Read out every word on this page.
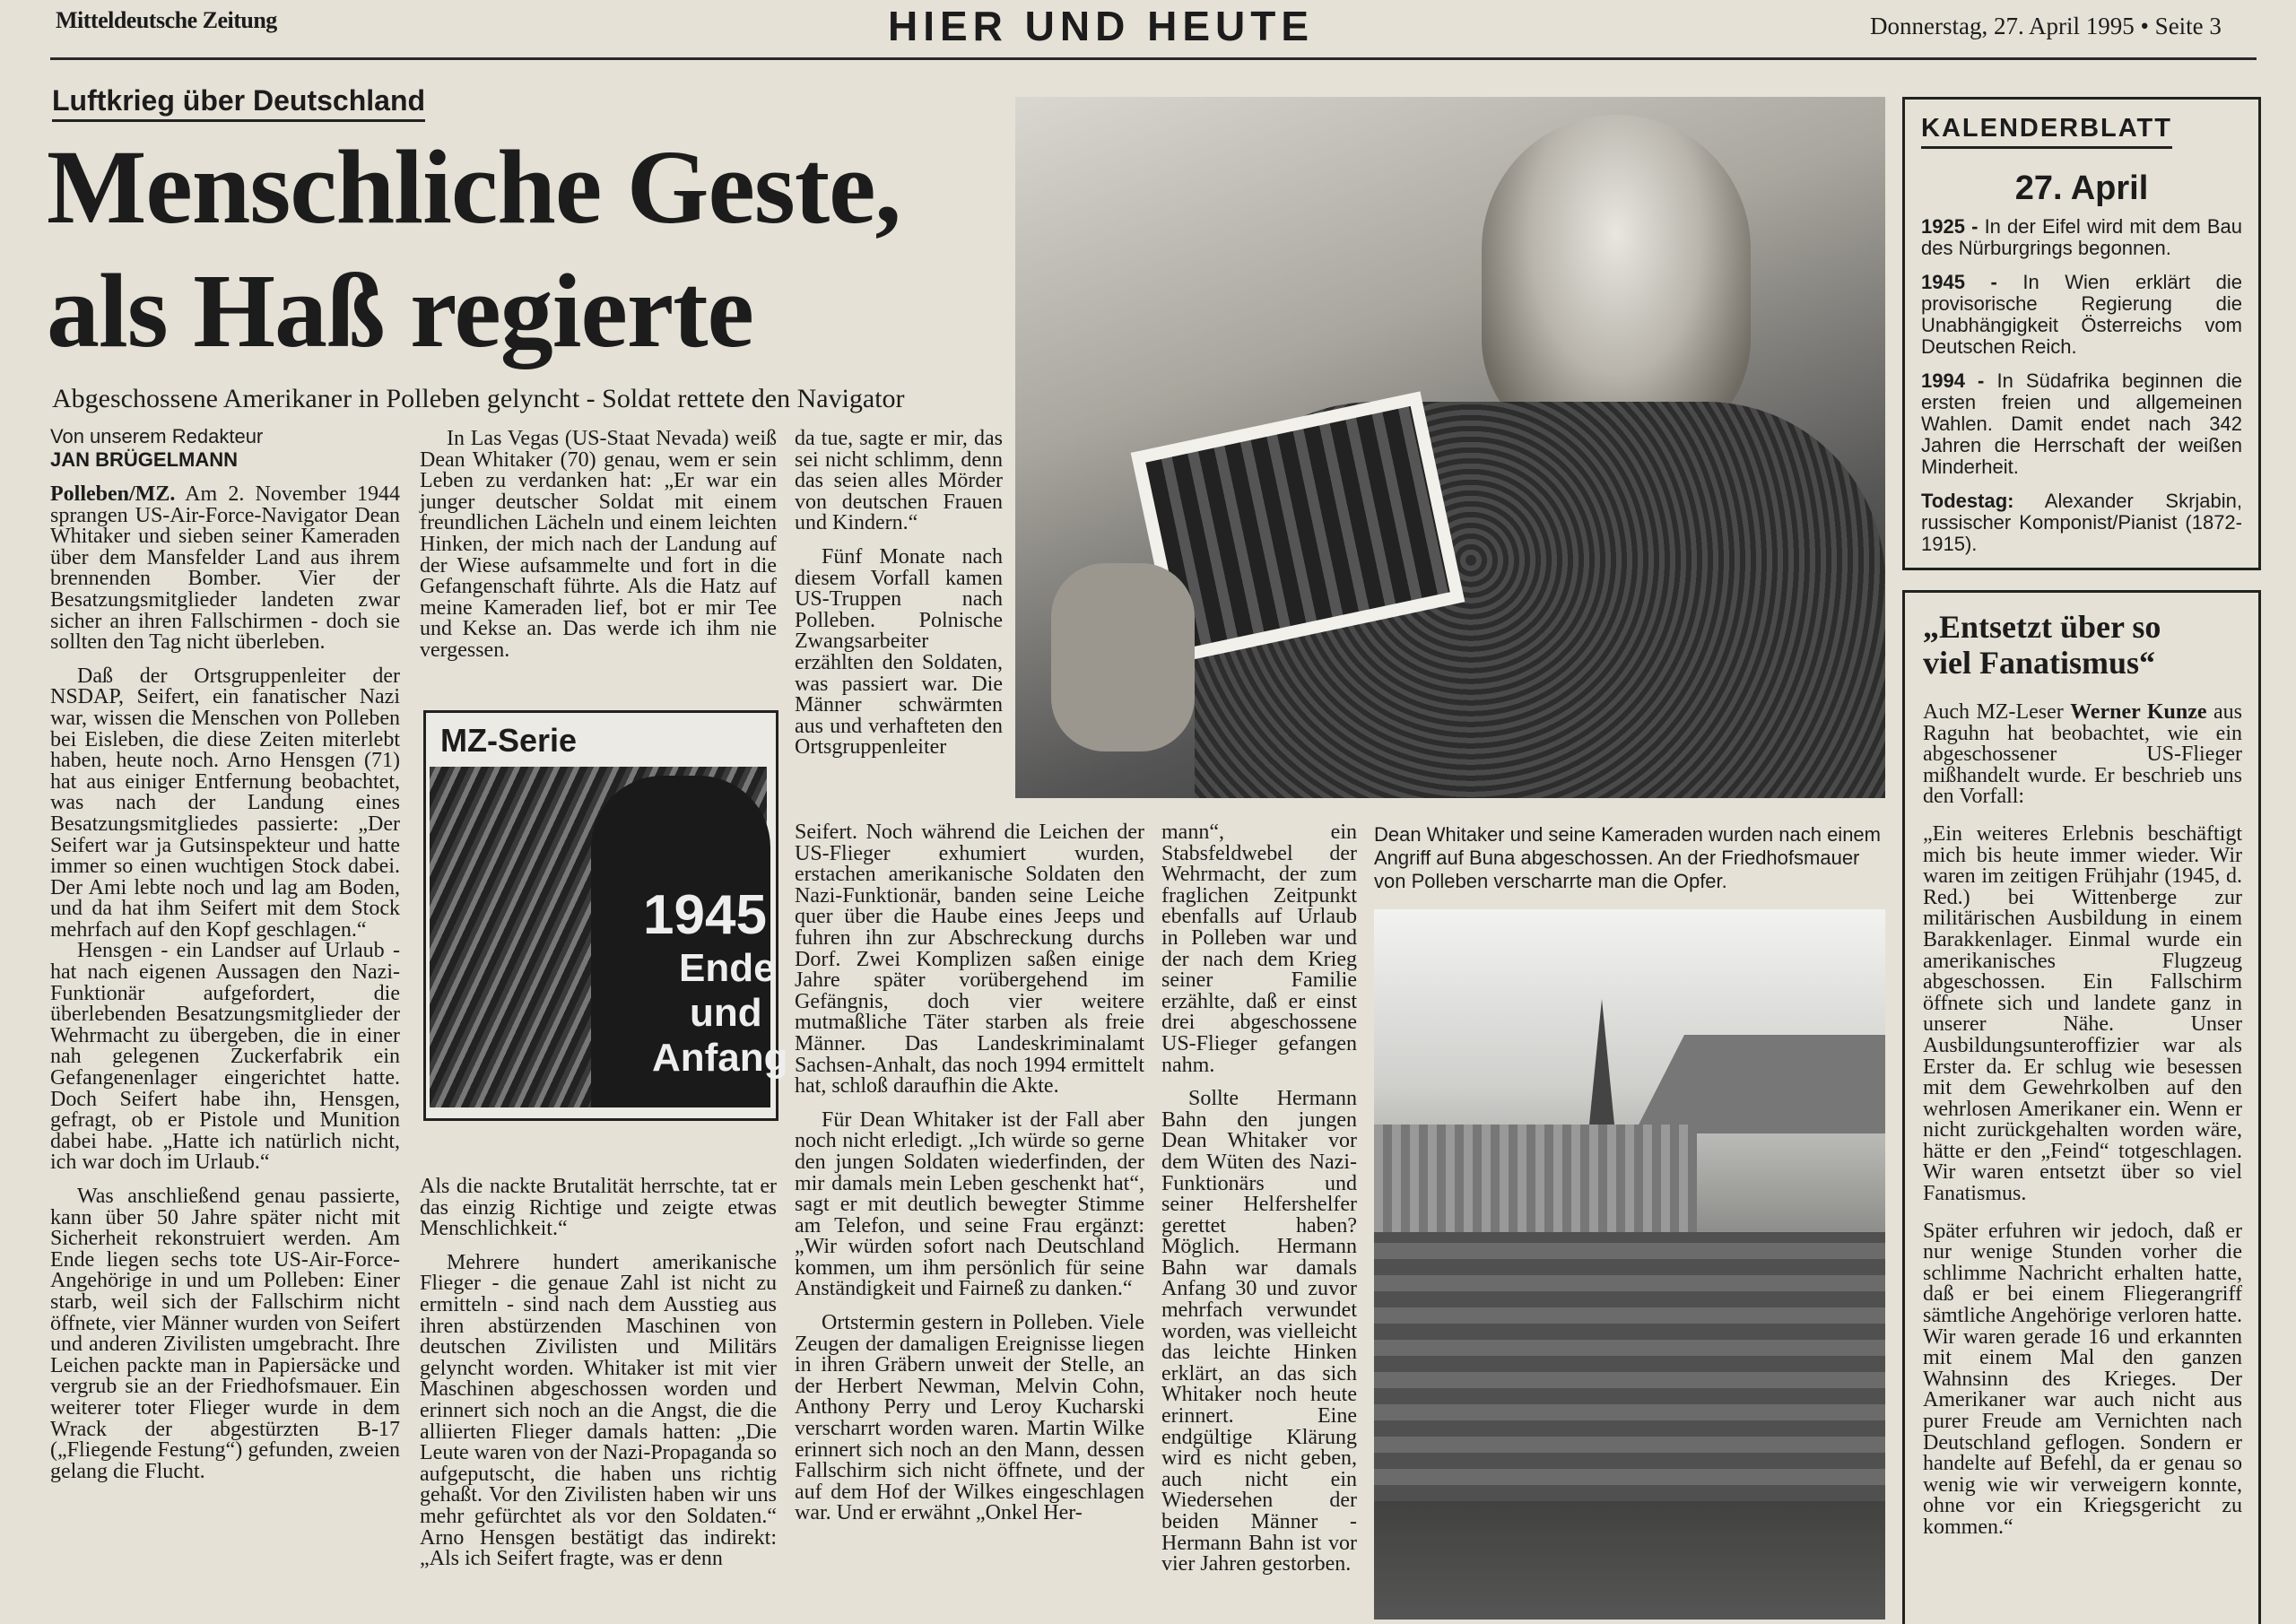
Mitteldeutsche Zeitung	HIER UND HEUTE	Donnerstag, 27. April 1995 • Seite 3
Luftkrieg über Deutschland
Menschliche Geste,
als Haß regierte
Abgeschossene Amerikaner in Polleben gelyncht - Soldat rettete den Navigator
Von unserem Redakteur
JAN BRÜGELMANN

Polleben/MZ. Am 2. November 1944 sprangen US-Air-Force-Navigator Dean Whitaker und sieben seiner Kameraden über dem Mansfelder Land aus ihrem brennenden Bomber. Vier der Besatzungsmitglieder landeten zwar sicher an ihren Fallschirmen - doch sie sollten den Tag nicht überleben.

Daß der Ortsgruppenleiter der NSDAP, Seifert, ein fanatischer Nazi war, wissen die Menschen von Polleben bei Eisleben, die diese Zeiten miterlebt haben, heute noch. Arno Hensgen (71) hat aus einiger Entfernung beobachtet, was nach der Landung eines Besatzungsmitgliedes passierte: „Der Seifert war ja Gutsinspekteur und hatte immer so einen wuchtigen Stock dabei. Der Ami lebte noch und lag am Boden, und da hat ihm Seifert mit dem Stock mehrfach auf den Kopf geschlagen.“

Hensgen - ein Landser auf Urlaub - hat nach eigenen Aussagen den Nazi-Funktionär aufgefordert, die überlebenden Besatzungsmitglieder der Wehrmacht zu übergeben, die in einer nah gelegenen Zuckerfabrik ein Gefangenenlager eingerichtet hatte. Doch Seifert habe ihn, Hensgen, gefragt, ob er Pistole und Munition dabei habe. „Hatte ich natürlich nicht, ich war doch im Urlaub.“

Was anschließend genau passierte, kann über 50 Jahre später nicht mit Sicherheit rekonstruiert werden. Am Ende liegen sechs tote US-Air-Force-Angehörige in und um Polleben: Einer starb, weil sich der Fallschirm nicht öffnete, vier Männer wurden von Seifert und anderen Zivilisten umgebracht. Ihre Leichen packte man in Papiersäcke und vergrub sie an der Friedhofsmauer. Ein weiterer toter Flieger wurde in dem Wrack der abgestürzten B-17 („Fliegende Festung“) gefunden, zweien gelang die Flucht.

In Las Vegas (US-Staat Nevada) weiß Dean Whitaker (70) genau, wem er sein Leben zu verdanken hat: „Er war ein junger deutscher Soldat mit einem freundlichen Lächeln und einem leichten Hinken, der mich nach der Landung auf der Wiese aufsammelte und fort in die Gefangenschaft führte. Als die Hatz auf meine Kameraden lief, bot er mir Tee und Kekse an. Das werde ich ihm nie vergessen.

MZ-Serie
1945
Ende
und
Anfang

Als die nackte Brutalität herrschte, tat er das einzig Richtige und zeigte etwas Menschlichkeit.“

Mehrere hundert amerikanische Flieger - die genaue Zahl ist nicht zu ermitteln - sind nach dem Ausstieg aus ihren abstürzenden Maschinen von deutschen Zivilisten und Militärs gelyncht worden. Whitaker ist mit vier Maschinen abgeschossen worden und erinnert sich noch an die Angst, die die alliierten Flieger damals hatten: „Die Leute waren von der Nazi-Propaganda so aufgeputscht, die haben uns richtig gehaßt. Vor den Zivilisten haben wir uns mehr gefürchtet als vor den Soldaten.“ Arno Hensgen bestätigt das indirekt: „Als ich Seifert fragte, was er denn

da tue, sagte er mir, das sei nicht schlimm, denn das seien alles Mörder von deutschen Frauen und Kindern.“

Fünf Monate nach diesem Vorfall kamen US-Truppen nach Polleben. Polnische Zwangsarbeiter erzählten den Soldaten, was passiert war. Die Männer schwärmten aus und verhafteten den Ortsgruppenleiter

Seifert. Noch während die Leichen der US-Flieger exhumiert wurden, erstachen amerikanische Soldaten den Nazi-Funktionär, banden seine Leiche quer über die Haube eines Jeeps und fuhren ihn zur Abschreckung durchs Dorf. Zwei Komplizen saßen einige Jahre später vorübergehend im Gefängnis, doch vier weitere mutmaßliche Täter starben als freie Männer. Das Landeskriminalamt Sachsen-Anhalt, das noch 1994 ermittelt hat, schloß daraufhin die Akte.

Für Dean Whitaker ist der Fall aber noch nicht erledigt. „Ich würde so gerne den jungen Soldaten wiederfinden, der mir damals mein Leben geschenkt hat“, sagt er mit deutlich bewegter Stimme am Telefon, und seine Frau ergänzt: „Wir würden sofort nach Deutschland kommen, um ihm persönlich für seine Anständigkeit und Fairneß zu danken.“

Ortstermin gestern in Polleben. Viele Zeugen der damaligen Ereignisse liegen in ihren Gräbern unweit der Stelle, an der Herbert Newman, Melvin Cohn, Anthony Perry und Leroy Kucharski verscharrt worden waren. Martin Wilke erinnert sich noch an den Mann, dessen Fallschirm sich nicht öffnete, und der auf dem Hof der Wilkes eingeschlagen war. Und er erwähnt „Onkel Her-

mann“, ein Stabsfeldwebel der Wehrmacht, der zum fraglichen Zeitpunkt ebenfalls auf Urlaub in Polleben war und der nach dem Krieg seiner Familie erzählte, daß er einst drei abgeschossene US-Flieger gefangen nahm.

Sollte Hermann Bahn den jungen Dean Whitaker vor dem Wüten des Nazi-Funktionärs und seiner Helfershelfer gerettet haben? Möglich. Hermann Bahn war damals Anfang 30 und zuvor mehrfach verwundet worden, was vielleicht das leichte Hinken erklärt, an das sich Whitaker noch heute erinnert. Eine endgültige Klärung wird es nicht geben, auch nicht ein Wiedersehen der beiden Männer - Hermann Bahn ist vor vier Jahren gestorben.

Dean Whitaker und seine Kameraden wurden nach einem Angriff auf Buna abgeschossen. An der Friedhofsmauer von Polleben verscharrte man die Opfer.
KALENDERBLATT
27. April

1925 - In der Eifel wird mit dem Bau des Nürburgrings begonnen.

1945 - In Wien erklärt die provisorische Regierung die Unabhängigkeit Österreichs vom Deutschen Reich.

1994 - In Südafrika beginnen die ersten freien und allgemeinen Wahlen. Damit endet nach 342 Jahren die Herrschaft der weißen Minderheit.

Todestag: Alexander Skrjabin, russischer Komponist/Pianist (1872-1915).

„Entsetzt über so
viel Fanatismus“

Auch MZ-Leser Werner Kunze aus Raguhn hat beobachtet, wie ein abgeschossener US-Flieger mißhandelt wurde. Er beschrieb uns den Vorfall:

„Ein weiteres Erlebnis beschäftigt mich bis heute immer wieder. Wir waren im zeitigen Frühjahr (1945, d. Red.) bei Wittenberge zur militärischen Ausbildung in einem Barakkenlager. Einmal wurde ein amerikanisches Flugzeug abgeschossen. Ein Fallschirm öffnete sich und landete ganz in unserer Nähe. Unser Ausbildungsunteroffizier war als Erster da. Er schlug wie besessen mit dem Gewehrkolben auf den wehrlosen Amerikaner ein. Wenn er nicht zurückgehalten worden wäre, hätte er den „Feind“ totgeschlagen. Wir waren entsetzt über so viel Fanatismus.

Später erfuhren wir jedoch, daß er nur wenige Stunden vorher die schlimme Nachricht erhalten hatte, daß er bei einem Fliegerangriff sämtliche Angehörige verloren hatte. Wir waren gerade 16 und erkannten mit einem Mal den ganzen Wahnsinn des Krieges. Der Amerikaner war auch nicht aus purer Freude am Vernichten nach Deutschland geflogen. Sondern er handelte auf Befehl, da er genau so wenig wie wir verweigern konnte, ohne vor ein Kriegsgericht zu kommen.“
